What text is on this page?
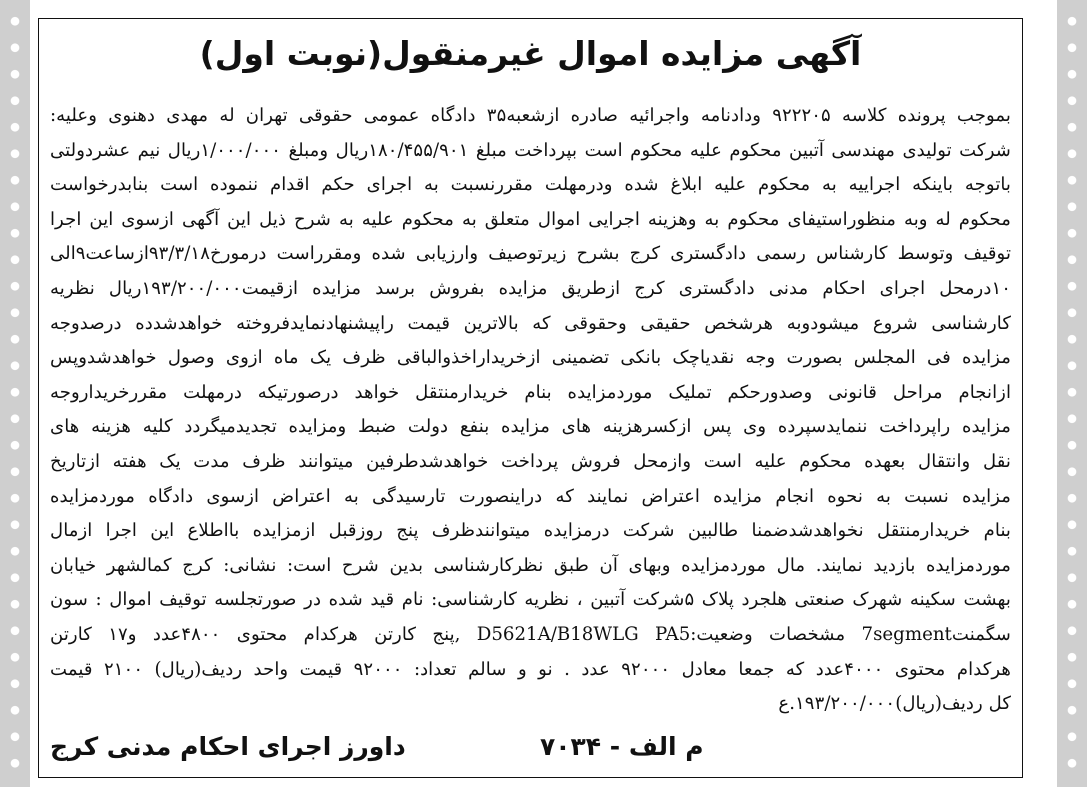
آگهی مزایده اموال غیرمنقول(نوبت اول)
بموجب پرونده کلاسه ۹۲۲۲۰۵ ودادنامه واجرائیه صادره ازشعبه۳۵ دادگاه عمومی حقوقی تهران له مهدی دهنوی وعلیه:
شرکت تولیدی مهندسی آتبین محکوم علیه محکوم است بپرداخت مبلغ ۱۸۰/۴۵۵/۹۰۱ریال ومبلغ ۱/۰۰۰/۰۰۰ریال نیم عشردولتی
باتوجه باینکه اجراییه به محکوم علیه ابلاغ شده ودرمهلت مقررنسبت به اجرای حکم اقدام ننموده است بنابدرخواست
محکوم له وبه منظوراستیفای محکوم به وهزینه اجرایی اموال متعلق به محکوم علیه به شرح ذیل این آگهی ازسوی این اجرا
توقیف وتوسط کارشناس رسمی دادگستری کرج بشرح زیرتوصیف وارزیابی شده ومقرراست درمورخ۹۳/۳/۱۸ازساعت۹الی
۱۰درمحل اجرای احکام مدنی دادگستری کرج ازطریق مزایده بفروش برسد مزایده ازقیمت۱۹۳/۲۰۰/۰۰۰ریال نظریه
کارشناسی شروع میشودوبه هرشخص حقیقی وحقوقی که بالاترین قیمت راپیشنهادنمایدفروخته خواهدشدده درصدوجه
مزایده فی المجلس بصورت وجه نقدیاچک بانکی تضمینی ازخریداراخذوالباقی ظرف یک ماه ازوی وصول خواهدشدوپس
ازانجام مراحل قانونی وصدورحکم تملیک موردمزایده بنام خریدارمنتقل خواهد درصورتیکه درمهلت مقررخریداروجه
مزایده راپرداخت ننمایدسپرده وی پس ازکسرهزینه های مزایده بنفع دولت ضبط ومزایده تجدیدمیگردد کلیه هزینه های
نقل وانتقال بعهده محکوم علیه است وازمحل فروش پرداخت خواهدشدطرفین میتوانند ظرف مدت یک هفته ازتاریخ
مزایده نسبت به نحوه انجام مزایده اعتراض نمایند که دراینصورت تارسیدگی به اعتراض ازسوی دادگاه موردمزایده
بنام خریدارمنتقل نخواهدشدضمنا طالبین شرکت درمزایده میتوانندظرف پنج روزقبل ازمزایده بااطلاع این اجرا ازمال
موردمزایده بازدید نمایند. مال موردمزایده وبهای آن طبق نظرکارشناسی بدین شرح است: نشانی: کرج کمالشهر خیابان
بهشت سکینه شهرک صنعتی هلجرد پلاک ۵شرکت آتبین ، نظریه کارشناسی: نام قید شده در صورتجلسه توقیف اموال : سون
سگمنت7segment مشخصات وضعیت:D5621A/B18WLG PA5 ,پنج کارتن هرکدام محتوی ۴۸۰۰عدد و۱۷ کارتن
هرکدام محتوی ۴۰۰۰عدد که جمعا معادل ۹۲۰۰۰ عدد . نو و سالم تعداد: ۹۲۰۰۰ قیمت واحد ردیف(ریال) ۲۱۰۰ قیمت
کل ردیف(ریال)۱۹۳/۲۰۰/۰۰۰.ع
م الف - ۷۰۳۴
داورز اجرای احکام مدنی کرج
